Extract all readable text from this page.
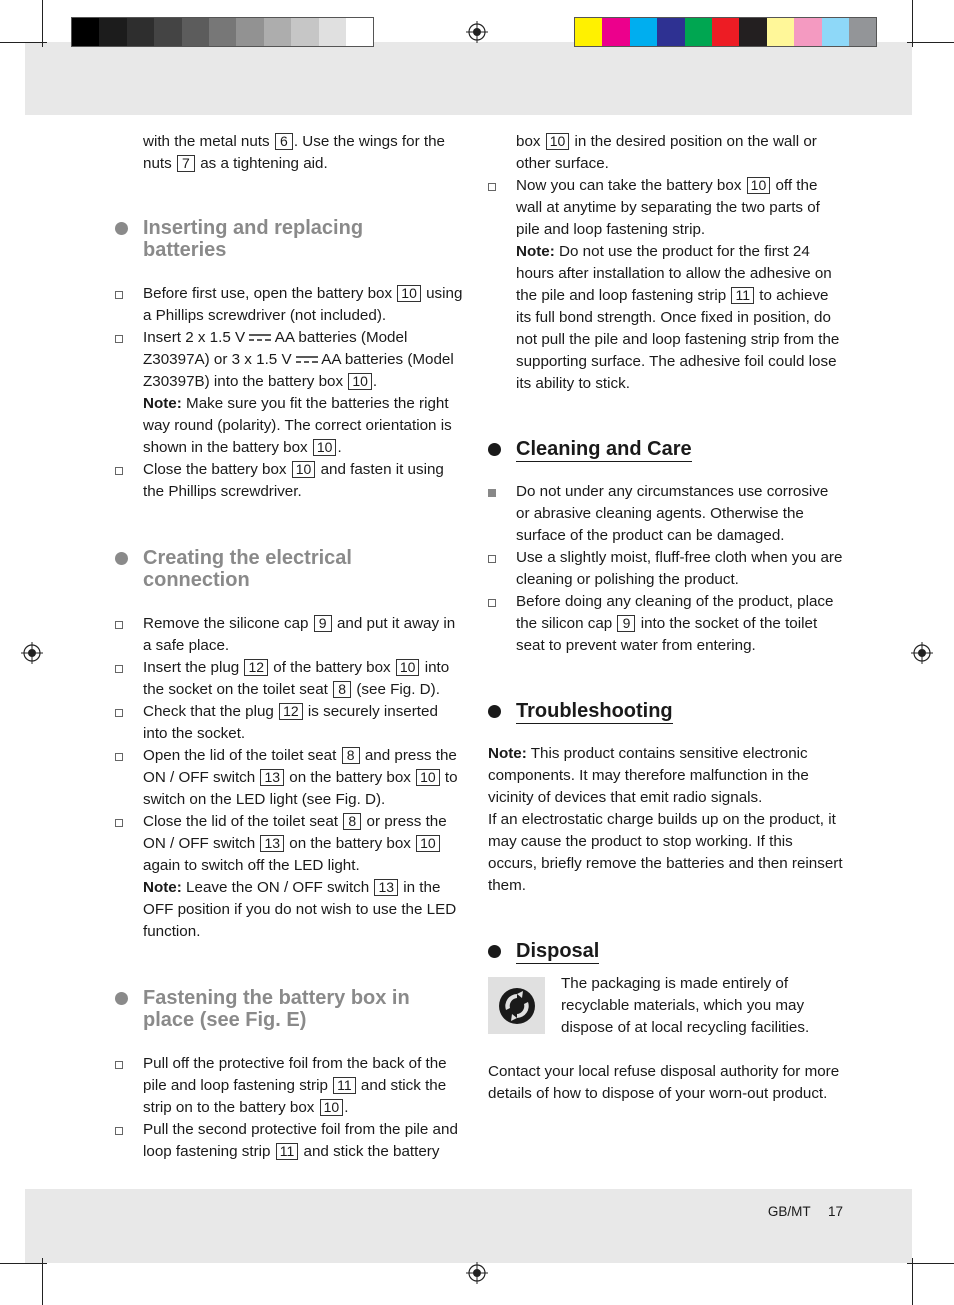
with the metal nuts 6 . Use the wings for the nuts 7 as a tightening aid.

Inserting and replacing
batteries
Before first use, open the battery box 10 using a Phillips screwdriver (not included).
Insert 2 x 1.5 V AA batteries (Model Z30397A) or 3 x 1.5 V AA batteries (Model Z30397B) into the battery box 10 .
Note: Make sure you fit the batteries the right way round (polarity). The correct orientation is shown in the battery box 10 .
Close the battery box 10 and fasten it using the Phillips screwdriver.
Creating the electrical
connection
Remove the silicone cap 9 and put it away in a safe place.
Insert the plug 12 of the battery box 10 into the socket on the toilet seat 8 (see Fig. D).
Check that the plug 12 is securely inserted into the socket.
Open the lid of the toilet seat 8 and press the ON / OFF switch 13 on the battery box 10 to switch on the LED light (see Fig. D).
Close the lid of the toilet seat 8 or press the ON / OFF switch 13 on the battery box 10 again to switch off the LED light.
Note: Leave the ON / OFF switch 13 in the OFF position if you do not wish to use the LED function.
Fastening the battery box in
place (see Fig. E)
Pull off the protective foil from the back of the pile and loop fastening strip 11 and stick the strip on to the battery box 10 .
Pull the second protective foil from the pile and loop fastening strip 11 and stick the battery

box 10 in the desired position on the wall or other surface.

Now you can take the battery box 10 off the wall at anytime by separating the two parts of pile and loop fastening strip.
Note: Do not use the product for the first 24 hours after installation to allow the adhesive on the pile and loop fastening strip 11 to achieve its full bond strength. Once fixed in position, do not pull the pile and loop fastening strip from the supporting surface. The adhesive foil could lose its ability to stick.
Cleaning and Care
Do not under any circumstances use corrosive or abrasive cleaning agents. Otherwise the surface of the product can be damaged.
Use a slightly moist, fluff-free cloth when you are cleaning or polishing the product.
Before doing any cleaning of the product, place the silicon cap 9 into the socket of the toilet seat to prevent water from entering.
Troubleshooting

Note: This product contains sensitive electronic components. It may therefore malfunction in the vicinity of devices that emit radio signals.

If an electrostatic charge builds up on the product, it may cause the product to stop working. If this occurs, briefly remove the batteries and then reinsert them.

Disposal

The packaging is made entirely of recyclable materials, which you may dispose of at local recycling facilities.

Contact your local refuse disposal authority for more details of how to dispose of your worn-out product.

GB/MT 17
